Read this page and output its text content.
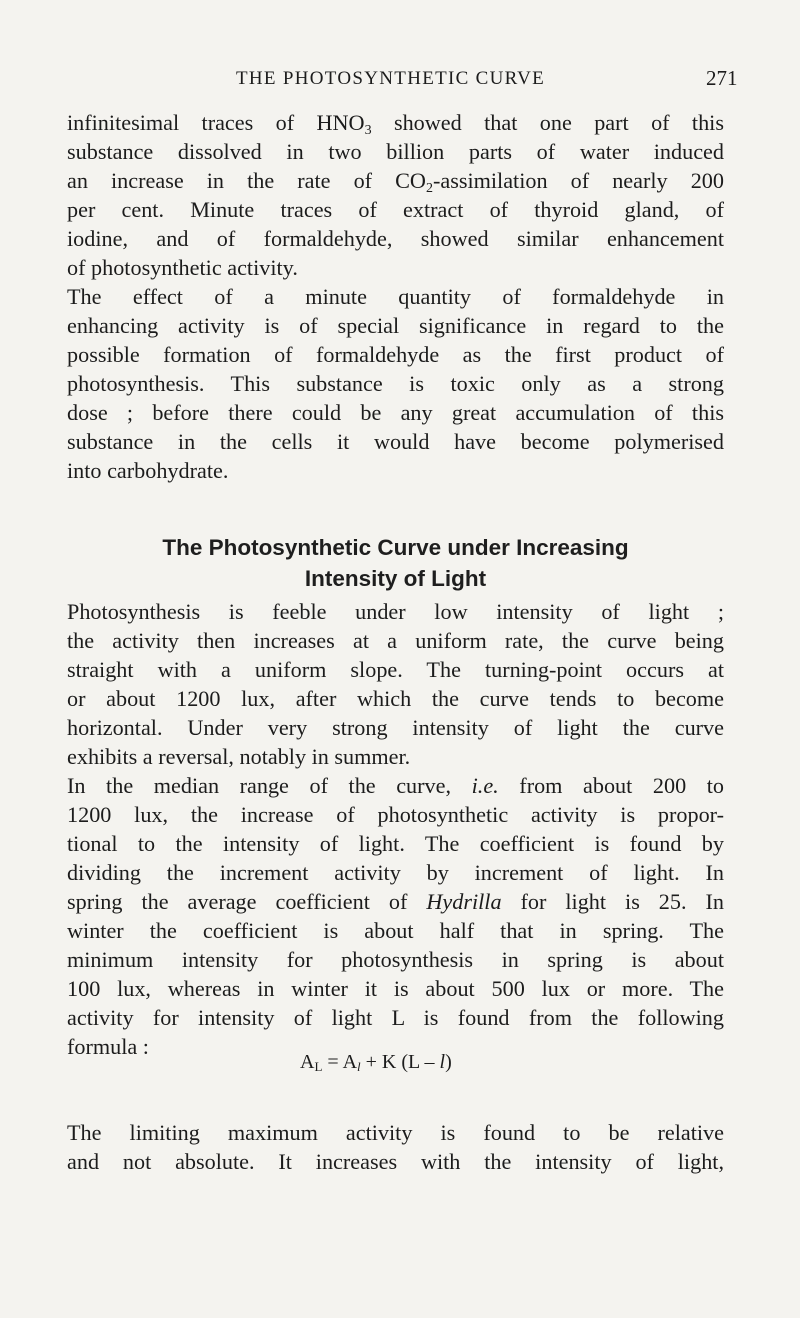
THE PHOTOSYNTHETIC CURVE	271
infinitesimal traces of HNO3 showed that one part of this
substance dissolved in two billion parts of water induced
an increase in the rate of CO2-assimilation of nearly 200
per cent. Minute traces of extract of thyroid gland, of
iodine, and of formaldehyde, showed similar enhancement
of photosynthetic activity.
The effect of a minute quantity of formaldehyde in
enhancing activity is of special significance in regard to the
possible formation of formaldehyde as the first product of
photosynthesis. This substance is toxic only as a strong
dose ; before there could be any great accumulation of this
substance in the cells it would have become polymerised
into carbohydrate.
The Photosynthetic Curve under Increasing
Intensity of Light
Photosynthesis is feeble under low intensity of light ;
the activity then increases at a uniform rate, the curve being
straight with a uniform slope. The turning-point occurs at
or about 1200 lux, after which the curve tends to become
horizontal. Under very strong intensity of light the curve
exhibits a reversal, notably in summer.
In the median range of the curve, i.e. from about 200 to
1200 lux, the increase of photosynthetic activity is propor-
tional to the intensity of light. The coefficient is found by
dividing the increment activity by increment of light. In
spring the average coefficient of Hydrilla for light is 25. In
winter the coefficient is about half that in spring. The
minimum intensity for photosynthesis in spring is about
100 lux, whereas in winter it is about 500 lux or more. The
activity for intensity of light L is found from the following
formula :
$A_L = A_l + K$ (L – l)
The limiting maximum activity is found to be relative
and not absolute. It increases with the intensity of light,
